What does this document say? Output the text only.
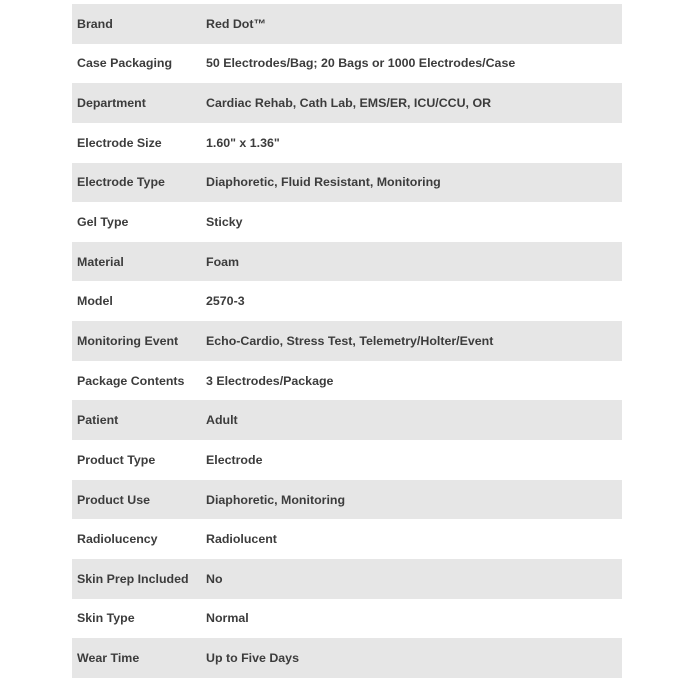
Brand	Red Dot™
Case Packaging	50 Electrodes/Bag; 20 Bags or 1000 Electrodes/Case
Department	Cardiac Rehab, Cath Lab, EMS/ER, ICU/CCU, OR
Electrode Size	1.60" x 1.36"
Electrode Type	Diaphoretic, Fluid Resistant, Monitoring
Gel Type	Sticky
Material	Foam
Model	2570-3
Monitoring Event	Echo-Cardio, Stress Test, Telemetry/Holter/Event
Package Contents	3 Electrodes/Package
Patient	Adult
Product Type	Electrode
Product Use	Diaphoretic, Monitoring
Radiolucency	Radiolucent
Skin Prep Included	No
Skin Type	Normal
Wear Time	Up to Five Days
